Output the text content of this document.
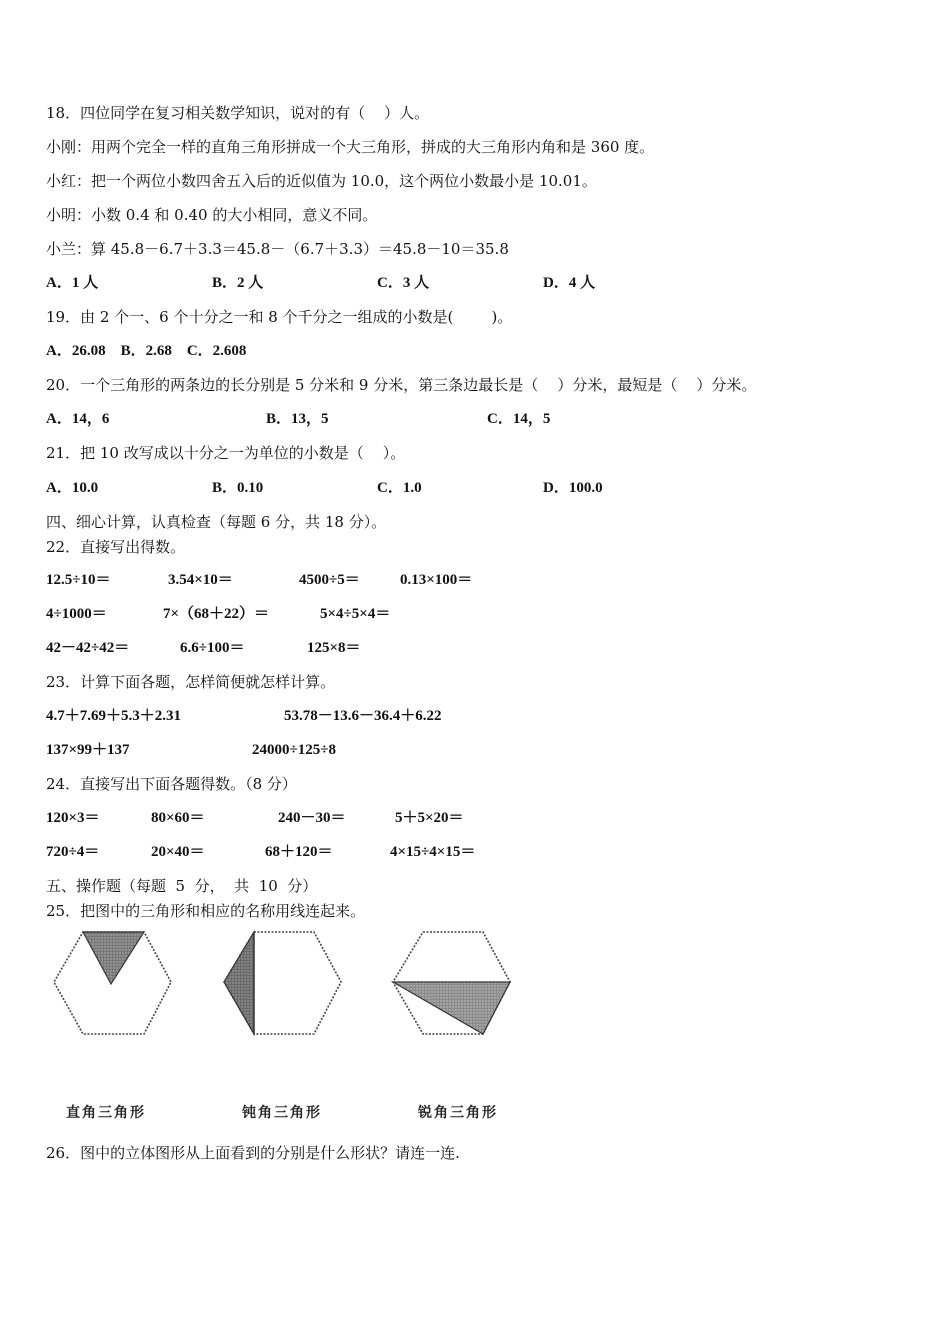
18．四位同学在复习相关数学知识，说对的有（    ）人。
小刚：用两个完全一样的直角三角形拼成一个大三角形，拼成的大三角形内角和是 360 度。
小红：把一个两位小数四舍五入后的近似值为 10.0，这个两位小数最小是 10.01。
小明：小数 0.4 和 0.40 的大小相同，意义不同。
小兰：算 45.8－6.7＋3.3＝45.8－（6.7＋3.3）＝45.8－10＝35.8
A．1 人	B．2 人	C．3 人	D．4 人
19．由 2 个一、6 个十分之一和 8 个千分之一组成的小数是(        )。
A．26.08    B．2.68    C．2.608
20．一个三角形的两条边的长分别是 5 分米和 9 分米，第三条边最长是（    ）分米，最短是（    ）分米。
A．14，6	B．13，5	C．14，5
21．把 10 改写成以十分之一为单位的小数是（    ）。
A．10.0	B．0.10	C．1.0	D．100.0
四、细心计算，认真检查（每题 6 分，共 18 分）。
22．直接写出得数。
12.5÷10＝	3.54×10＝	4500÷5＝	0.13×100＝
4÷1000＝	7×（68＋22）＝	5×4÷5×4＝
42－42÷42＝	6.6÷100＝	125×8＝
23．计算下面各题，怎样简便就怎样计算。
4.7＋7.69＋5.3＋2.31	53.78－13.6－36.4＋6.22
137×99＋137	24000÷125÷8
24．直接写出下面各题得数。（8 分）
120×3＝	80×60＝	240－30＝	5＋5×20＝
720÷4＝	20×40＝	68＋120＝	4×15÷4×15＝
五、操作题（每题  5  分，  共  10  分）
25．把图中的三角形和相应的名称用线连起来。
直角三角形	钝角三角形	锐角三角形
26．图中的立体图形从上面看到的分别是什么形状？请连一连.
